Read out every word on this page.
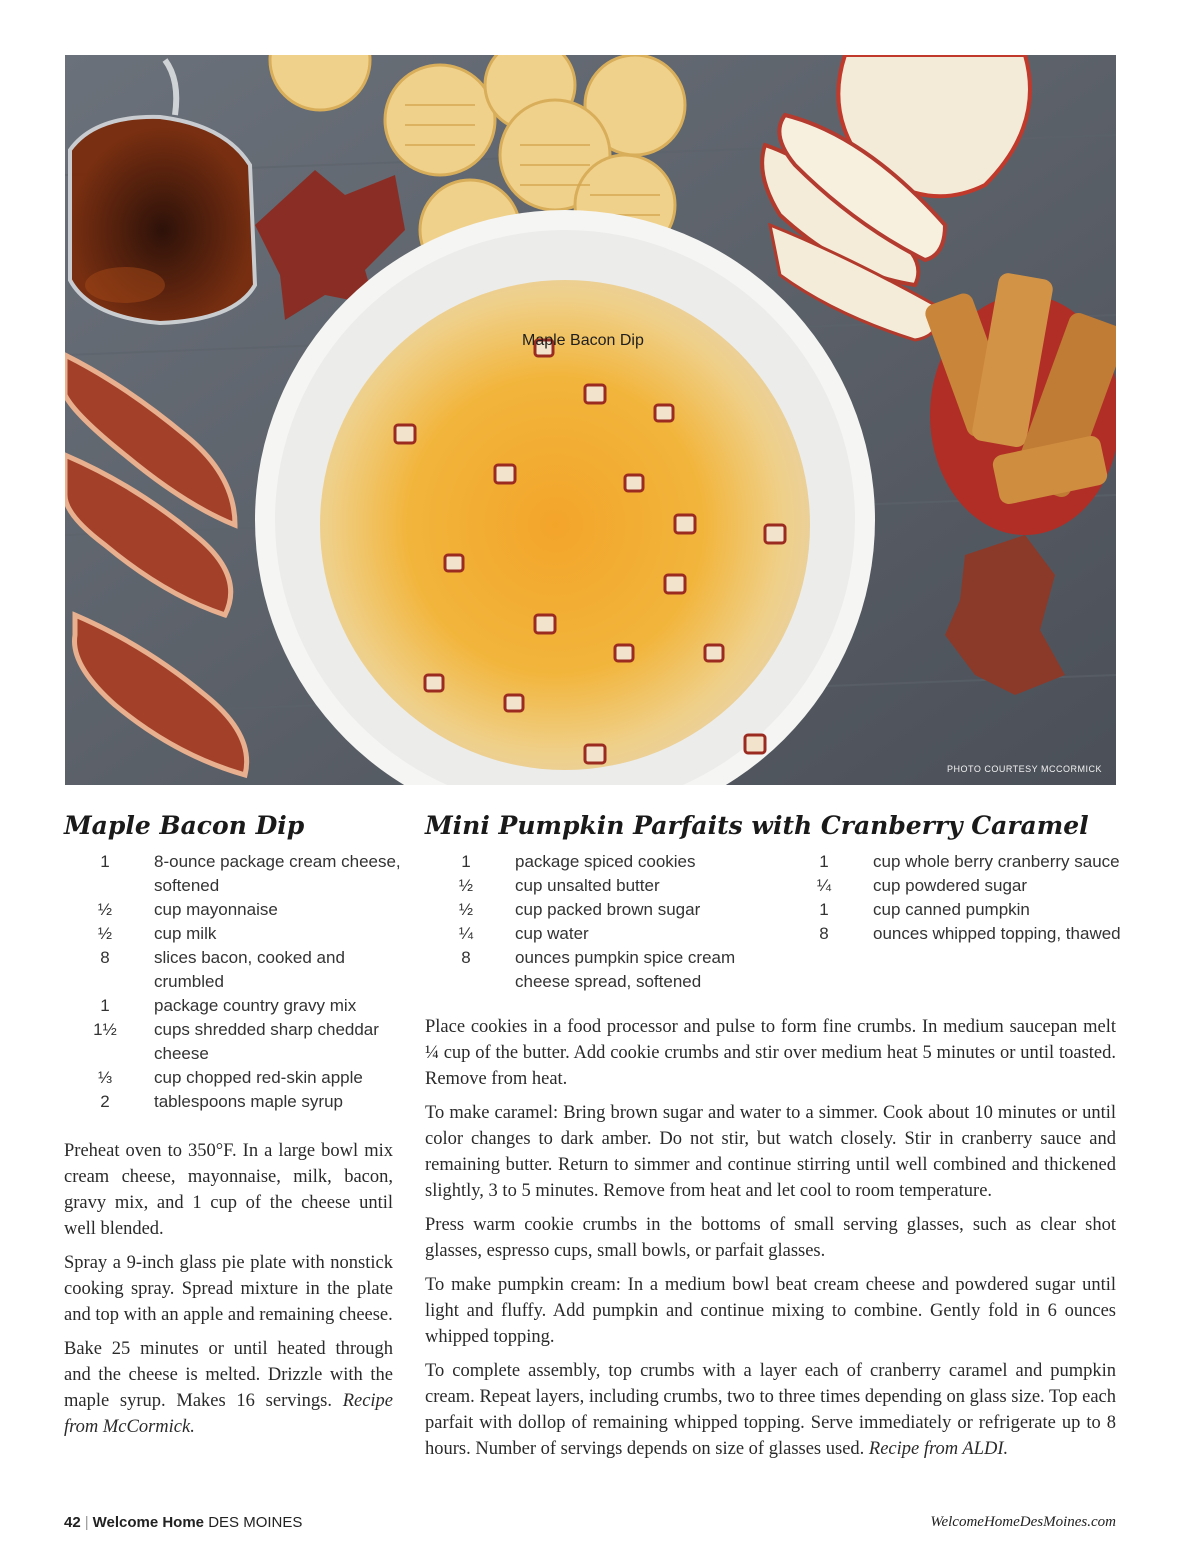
Maple Bacon Dip
PHOTO COURTESY MCCORMICK
Maple Bacon Dip
1	8-ounce package cream cheese, softened
½	cup mayonnaise
½	cup milk
8	slices bacon, cooked and crumbled
1	package country gravy mix
1½	cups shredded sharp cheddar cheese
⅓	cup chopped red-skin apple
2	tablespoons maple syrup

Preheat oven to 350°F. In a large bowl mix cream cheese, mayonnaise, milk, bacon, gravy mix, and 1 cup of the cheese until well blended.

Spray a 9-inch glass pie plate with nonstick cooking spray. Spread mixture in the plate and top with an apple and remaining cheese.

Bake 25 minutes or until heated through and the cheese is melted. Drizzle with the maple syrup. Makes 16 servings. Recipe from McCormick.

Mini Pumpkin Parfaits with Cranberry Caramel
1	package spiced cookies
½	cup unsalted butter
½	cup packed brown sugar
¼	cup water
8	ounces pumpkin spice cream cheese spread, softened
1	cup whole berry cranberry sauce
¼	cup powdered sugar
1	cup canned pumpkin
8	ounces whipped topping, thawed

Place cookies in a food processor and pulse to form fine crumbs. In medium saucepan melt ¼ cup of the butter. Add cookie crumbs and stir over medium heat 5 minutes or until toasted. Remove from heat.

To make caramel: Bring brown sugar and water to a simmer. Cook about 10 minutes or until color changes to dark amber. Do not stir, but watch closely. Stir in cranberry sauce and remaining butter. Return to simmer and continue stirring until well combined and thickened slightly, 3 to 5 minutes. Remove from heat and let cool to room temperature.

Press warm cookie crumbs in the bottoms of small serving glasses, such as clear shot glasses, espresso cups, small bowls, or parfait glasses.

To make pumpkin cream: In a medium bowl beat cream cheese and powdered sugar until light and fluffy. Add pumpkin and continue mixing to combine. Gently fold in 6 ounces whipped topping.

To complete assembly, top crumbs with a layer each of cranberry caramel and pumpkin cream. Repeat layers, including crumbs, two to three times depending on glass size. Top each parfait with dollop of remaining whipped topping. Serve immediately or refrigerate up to 8 hours. Number of servings depends on size of glasses used. Recipe from ALDI.

42 | Welcome Home DES MOINES	WelcomeHomeDesMoines.com
